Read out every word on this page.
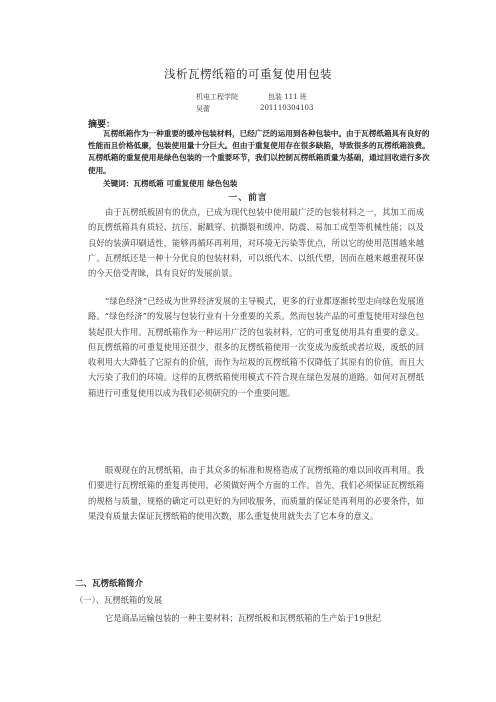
浅析瓦楞纸箱的可重复使用包装
机电工程学院	包装 111 班
吴蕾	201110304103
摘要：

瓦楞纸箱作为一种重要的缓冲包装材料，已经广泛的运用到各种包装中。由于瓦楞纸箱具有良好的性能而且价格低廉，包装使用量十分巨大。但由于重复使用存在很多缺陷，导致很多的瓦楞纸箱浪费。瓦楞纸箱的重复使用是绿色包装的一个重要环节，我们以控制瓦楞纸箱质量为基础，通过回收进行多次使用。

关键词：瓦楞纸箱 可重复使用 绿色包装
一、前言

由于瓦楞纸板固有的优点，已成为现代包装中使用最广泛的包装材料之一，其加工而成的瓦楞纸箱具有质轻、抗压、耐戳穿、抗撕裂和缓冲、防震、易加工成型等机械性能；以及良好的装潢印刷适性，能够再循环再利用，对环境无污染等优点，所以它的使用范围越来越广。瓦楞纸还是一种十分优良的包装材料，可以纸代木、以纸代塑，因而在越来越重视环保的今天倍受青睐，具有良好的发展前景。

“绿色经济”已经成为世界经济发展的主导模式，更多的行业都逐渐转型走向绿色发展道路。“绿色经济”的发展与包装行业有十分重要的关系。然而包装产品的可重复使用对绿色包装起很大作用。瓦楞纸箱作为一种运用广泛的包装材料，它的可重复使用具有重要的意义。但瓦楞纸箱的可重复使用还很少，很多的瓦楞纸箱使用一次变成为废纸或者垃圾，废纸的回收利用大大降低了它原有的价值，而作为垃圾的瓦楞纸箱不仅降低了其原有的价值，而且大大污染了我们的环境。这样的瓦楞纸箱使用模式不符合现在绿色发展的道路。如何对瓦楞纸箱进行可重复使用以成为我们必须研究的一个重要问题。

眼观现在的瓦楞纸箱，由于其众多的标准和规格造成了瓦楞纸箱的难以回收再利用。我们要进行瓦楞纸箱的重复再使用，必须做好两个方面的工作。首先，我们必须保证瓦楞纸箱的规格与质量，规格的确定可以更好的为回收服务，而质量的保证是再利用的必要条件，如果没有质量去保证瓦楞纸箱的使用次数，那么重复使用就失去了它本身的意义。

二、瓦楞纸箱简介
（一）、瓦楞纸箱的发展

它是商品运输包装的一种主要材料；瓦楞纸板和瓦楞纸箱的生产始于19世纪
